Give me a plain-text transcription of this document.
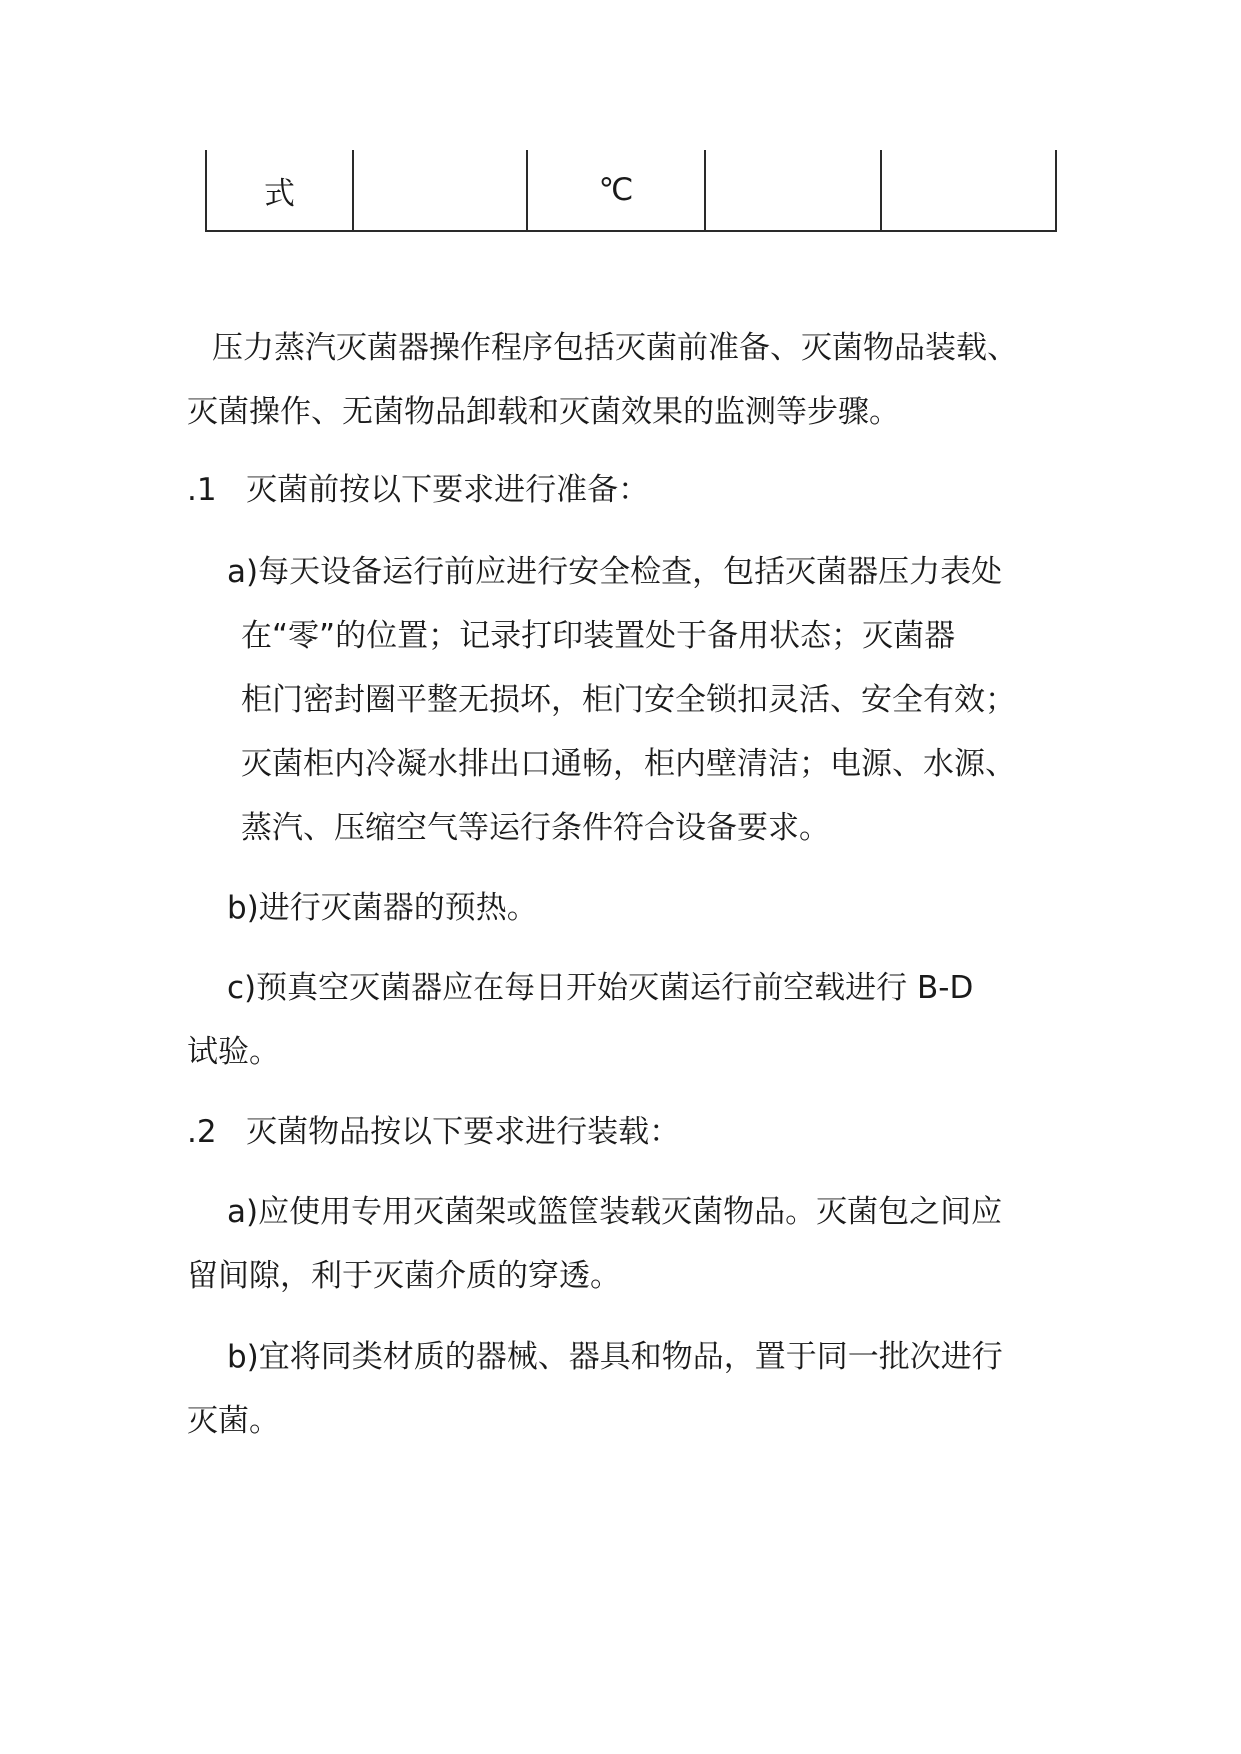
式	℃
压力蒸汽灭菌器操作程序包括灭菌前准备、灭菌物品装载、
灭菌操作、无菌物品卸载和灭菌效果的监测等步骤。
.1   灭菌前按以下要求进行准备：
a)每天设备运行前应进行安全检查，包括灭菌器压力表处
在“零”的位置；记录打印装置处于备用状态；灭菌器
柜门密封圈平整无损坏，柜门安全锁扣灵活、安全有效；
灭菌柜内冷凝水排出口通畅，柜内壁清洁；电源、水源、
蒸汽、压缩空气等运行条件符合设备要求。
b)进行灭菌器的预热。
c)预真空灭菌器应在每日开始灭菌运行前空载进行 B-D
试验。
.2   灭菌物品按以下要求进行装载：
a)应使用专用灭菌架或篮筐装载灭菌物品。灭菌包之间应
留间隙，利于灭菌介质的穿透。
b)宜将同类材质的器械、器具和物品，置于同一批次进行
灭菌。
